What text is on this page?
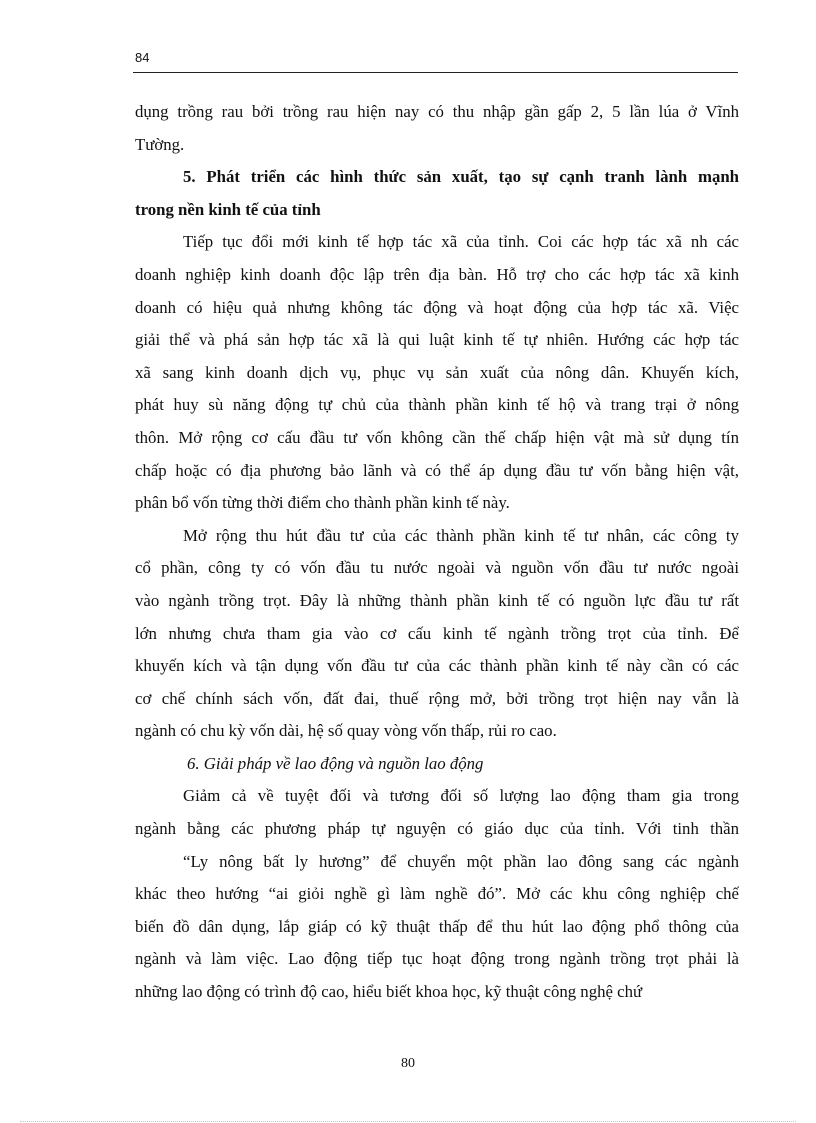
84
dụng trồng rau bởi trồng rau hiện nay có thu nhập gần gấp 2, 5 lần lúa ở Vĩnh
Tường.
5. Phát triển các hình thức sản xuất, tạo sự cạnh tranh lành mạnh
trong nền kinh tế của tỉnh
Tiếp tục đổi mới kinh tế hợp tác xã của tỉnh. Coi các hợp tác xã nh các
doanh nghiệp kinh doanh độc lập trên địa bàn. Hỗ trợ cho các hợp tác xã kinh
doanh có hiệu quả nhưng không tác động và hoạt động của hợp tác xã. Việc
giải thể và phá sản hợp tác xã là qui luật kinh tế tự nhiên. Hướng các hợp tác
xã sang kinh doanh dịch vụ, phục vụ sản xuất của nông dân. Khuyến kích,
phát huy sù năng động tự chủ của thành phần kinh tế hộ và trang trại ở nông
thôn. Mở rộng cơ cấu đầu tư vốn không cần thế chấp hiện vật mà sử dụng tín
chấp hoặc có địa phương bảo lãnh và có thể áp dụng đầu tư vốn bằng hiện vật,
phân bổ vốn từng thời điểm cho thành phần kinh tế này.
Mở rộng thu hút đầu tư của các thành phần kinh tế tư nhân, các công ty
cổ phần, công ty có vốn đầu tu nước ngoài và nguồn vốn đầu tư nước ngoài
vào ngành trồng trọt. Đây là những thành phần kinh tế có nguồn lực đầu tư rất
lớn nhưng chưa tham gia vào cơ cấu kinh tế ngành trồng trọt của tỉnh. Để
khuyến kích và tận dụng vốn đầu tư của các thành phần kinh tế này cần có các
cơ chế chính sách vốn, đất đai, thuế rộng mở, bởi trồng trọt hiện nay vẫn là
ngành có chu kỳ vốn dài, hệ số quay vòng vốn thấp, rủi ro cao.
6. Giải pháp về lao động và nguồn lao động
Giảm cả về tuyệt đối và tương đối số lượng lao động tham gia trong
ngành bằng các phương pháp tự nguyện có giáo dục của tỉnh. Với tinh thần
“Ly nông bất ly hương” để chuyển một phần lao đông sang các ngành
khác theo hướng “ai giỏi nghề gì làm nghề đó”. Mở các khu công nghiệp chế
biến đồ dân dụng, lắp giáp có kỹ thuật thấp để thu hút lao động phổ thông của
ngành và làm việc. Lao động tiếp tục hoạt động trong ngành trồng trọt phải là
những lao động có trình độ cao, hiểu biết khoa học, kỹ thuật công nghệ chứ
80
